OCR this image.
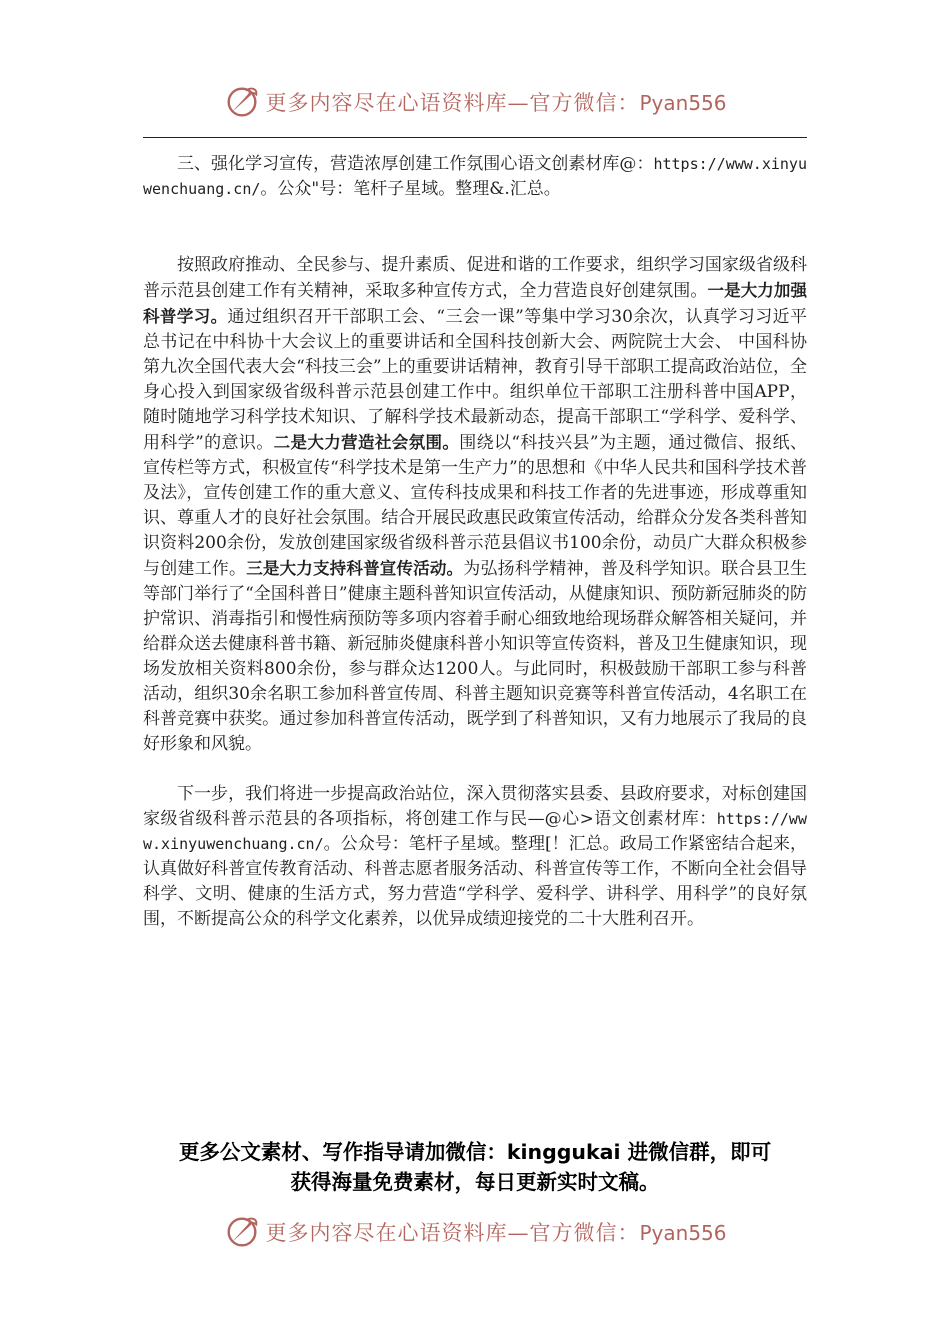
更多内容尽在心语资料库—官方微信：Pyan556

三、强化学习宣传，营造浓厚创建工作氛围心语文创素材库@：https://www.xinyuwenchuang.cn/。公众"号：笔杆子星域。整理&.汇总。

按照政府推动、全民参与、提升素质、促进和谐的工作要求，组织学习国家级省级科普示范县创建工作有关精神，采取多种宣传方式，全力营造良好创建氛围。一是大力加强科普学习。通过组织召开干部职工会、“三会一课”等集中学习30余次，认真学习习近平总书记在中科协十大会议上的重要讲话和全国科技创新大会、两院院士大会、 中国科协第九次全国代表大会“科技三会”上的重要讲话精神，教育引导干部职工提高政治站位，全身心投入到国家级省级科普示范县创建工作中。组织单位干部职工注册科普中国APP，随时随地学习科学技术知识、了解科学技术最新动态，提高干部职工“学科学、爱科学、用科学”的意识。二是大力营造社会氛围。围绕以“科技兴县”为主题，通过微信、报纸、宣传栏等方式，积极宣传“科学技术是第一生产力”的思想和《中华人民共和国科学技术普及法》，宣传创建工作的重大意义、宣传科技成果和科技工作者的先进事迹，形成尊重知识、尊重人才的良好社会氛围。结合开展民政惠民政策宣传活动，给群众分发各类科普知识资料200余份，发放创建国家级省级科普示范县倡议书100余份，动员广大群众积极参与创建工作。三是大力支持科普宣传活动。为弘扬科学精神，普及科学知识。联合县卫生等部门举行了“全国科普日”健康主题科普知识宣传活动，从健康知识、预防新冠肺炎的防护常识、消毒指引和慢性病预防等多项内容着手耐心细致地给现场群众解答相关疑问，并给群众送去健康科普书籍、新冠肺炎健康科普小知识等宣传资料，普及卫生健康知识，现场发放相关资料800余份，参与群众达1200人。与此同时，积极鼓励干部职工参与科普活动，组织30余名职工参加科普宣传周、科普主题知识竞赛等科普宣传活动，4名职工在科普竞赛中获奖。通过参加科普宣传活动，既学到了科普知识，又有力地展示了我局的良好形象和风貌。

下一步，我们将进一步提高政治站位，深入贯彻落实县委、县政府要求，对标创建国家级省级科普示范县的各项指标，将创建工作与民—@心>语文创素材库：https://www.xinyuwenchuang.cn/。公众号：笔杆子星域。整理[！汇总。政局工作紧密结合起来，认真做好科普宣传教育活动、科普志愿者服务活动、科普宣传等工作，不断向全社会倡导科学、文明、健康的生活方式，努力营造“学科学、爱科学、讲科学、用科学”的良好氛围，不断提高公众的科学文化素养，以优异成绩迎接党的二十大胜利召开。

更多公文素材、写作指导请加微信：kinggukai 进微信群，即可
获得海量免费素材，每日更新实时文稿。
更多内容尽在心语资料库—官方微信：Pyan556
